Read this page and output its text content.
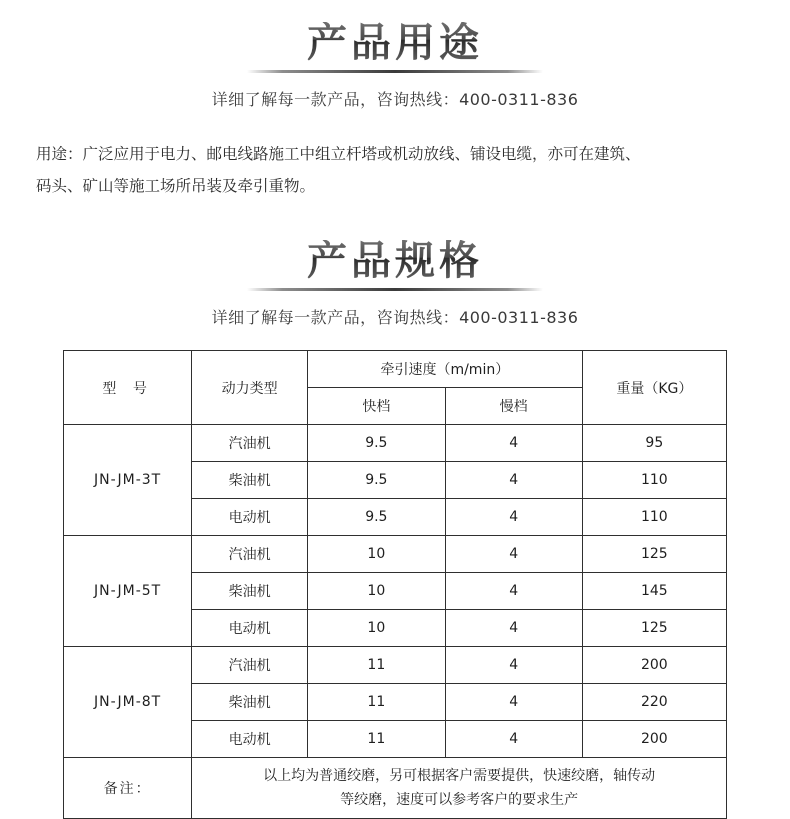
产品用途
详细了解每一款产品，咨询热线：400-0311-836
用途：广泛应用于电力、邮电线路施工中组立杆塔或机动放线、铺设电缆，亦可在建筑、
码头、矿山等施工场所吊装及牵引重物。
产品规格
详细了解每一款产品，咨询热线：400-0311-836
型 号	动力类型	牵引速度（m/min）		重量（KG）
		快档	慢档	
JN-JM-3T	汽油机	9.5	4	95
	柴油机	9.5	4	110
	电动机	9.5	4	110
JN-JM-5T	汽油机	10	4	125
	柴油机	10	4	145
	电动机	10	4	125
JN-JM-8T	汽油机	11	4	200
	柴油机	11	4	220
	电动机	11	4	200
备注：	以上均为普通绞磨，另可根据客户需要提供，快速绞磨，轴传动
等绞磨，速度可以参考客户的要求生产			
